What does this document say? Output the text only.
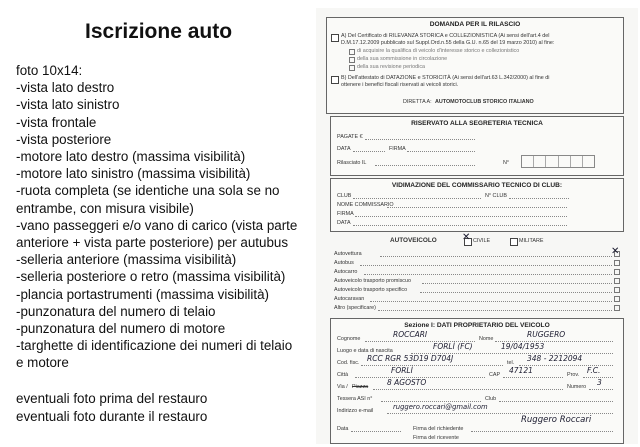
Iscrizione auto
foto 10x14:
-vista lato destro
-vista lato sinistro
-vista frontale
-vista posteriore
-motore lato destro (massima visibilità)
-motore lato sinistro (massima visibilità)
-ruota completa (se identiche una sola se no
entrambe, con misura visibile)
-vano passeggeri e/o vano di carico (vista parte
anteriore + vista parte posteriore) per autubus
-selleria anteriore (massima visibilità)
-selleria posteriore o retro (massima visibilità)
-plancia portastrumenti (massima visibilità)
-punzonatura del numero di telaio
-punzonatura del numero di motore
-targhette di identificazione dei numeri di telaio
e motore
eventuali foto prima del restauro
eventuali foto durante il restauro
DOMANDA PER IL RILASCIO
A) Del Certificato di RILEVANZA STORICA e COLLEZIONISTICA (Ai sensi dell'art.4 del
D.M.17.12.2009 pubblicato sul Suppl.Ord.n.55 della G.U. n.65 del 19 marzo 2010) al fine:
di acquisire la qualifica di veicolo d'interesse storico e collezionistico
della sua sommissione in circolazione
della sua revisione periodica
B) Dell'attestato di DATAZIONE e STORICITÀ (Ai sensi dell'art.63 L.342/2000) al fine di
ottenere i benefici fiscali riservati ai veicoli storici.
DIRETTA A: AUTOMOTOCLUB STORICO ITALIANO
RISERVATO ALLA SEGRETERIA TECNICA
PAGATE €
DATA	FIRMA
Rilasciato IL	N°
VIDIMAZIONE DEL COMMISSARIO TECNICO DI CLUB:
CLUB	N° CLUB
NOME COMMISSARIO
FIRMA
DATA
AUTOVEICOLO	✕ CIVILE	MILITARE
Autovettura	✕
Autobus
Autocarro
Autoveicolo trasporto promiscuo
Autoveicolo trasporto specifico
Autocaravan
Altro (specificare)
Sezione I: DATI PROPRIETARIO DEL VEICOLO
Cognome	ROCCARI	Nome	RUGGERO
Luogo e data di nascita	FORLÌ (FC)	19/04/1953
Cod. fisc. RCC RGR 53D19 D704J	tel. 348 - 2212094
Città	FORLÌ	CAP 47121	Prov. F.C.
Via / Piazza	8 AGOSTO	Numero 3
Tessera ASI n°	Club
Indirizzo e-mail	ruggero.roccari@gmail.com
Ruggero Roccari
Data	Firma del richiedente
Firma del ricevente
